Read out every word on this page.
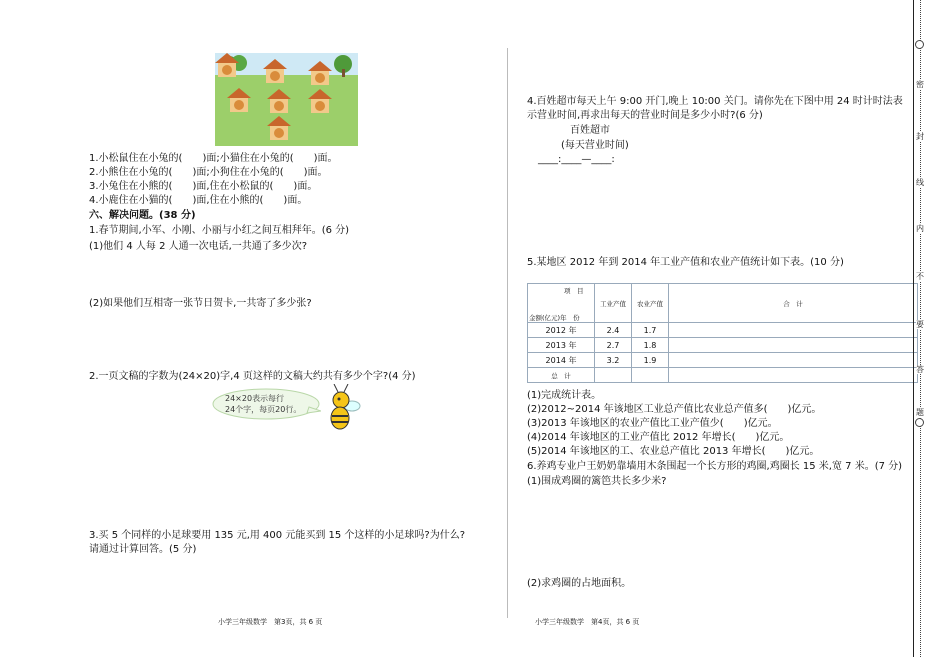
1.小松鼠住在小兔的(　　)面;小猫住在小兔的(　　)面。
2.小熊住在小兔的(　　)面;小狗住在小兔的(　　)面。
3.小兔住在小熊的(　　)面,住在小松鼠的(　　)面。
4.小鹿住在小猫的(　　)面,住在小熊的(　　)面。
六、解决问题。(38 分)
1.春节期间,小军、小刚、小丽与小红之间互相拜年。(6 分)
(1)他们 4 人每 2 人通一次电话,一共通了多少次?
(2)如果他们互相寄一张节日贺卡,一共寄了多少张?
2.一页文稿的字数为(24×20)字,4 页这样的文稿大约共有多少个字?(4 分)
24×20表示每行
24个字，每页20行。
3.买 5 个同样的小足球要用 135 元,用 400 元能买到 15 个这样的小足球吗?为什么?
请通过计算回答。(5 分)
小学三年级数学　第3页，共 6 页
4.百姓超市每天上午 9:00 开门,晚上 10:00 关门。请你先在下图中用 24 时计时法表
示营业时间,再求出每天的营业时间是多少小时?(6 分)
百姓超市
(每天营业时间)
____:____—____:
5.某地区 2012 年到 2014 年工业产值和农业产值统计如下表。(10 分)
项　目
金额(亿元)年　份	工业产值	农业产值	合　计
2012 年	2.4	1.7	
2013 年	2.7	1.8	
2014 年	3.2	1.9	
总　计			
(1)完成统计表。
(2)2012~2014 年该地区工业总产值比农业总产值多(　　)亿元。
(3)2013 年该地区的农业产值比工业产值少(　　)亿元。
(4)2014 年该地区的工业产值比 2012 年增长(　　)亿元。
(5)2014 年该地区的工、农业总产值比 2013 年增长(　　)亿元。
6.养鸡专业户王奶奶靠墙用木条围起一个长方形的鸡圈,鸡圈长 15 米,宽 7 米。(7 分)
(1)围成鸡圈的篱笆共长多少米?
(2)求鸡圈的占地面积。
小学三年级数学　第4页，共 6 页
密
封
线
内
不
要
答
题
